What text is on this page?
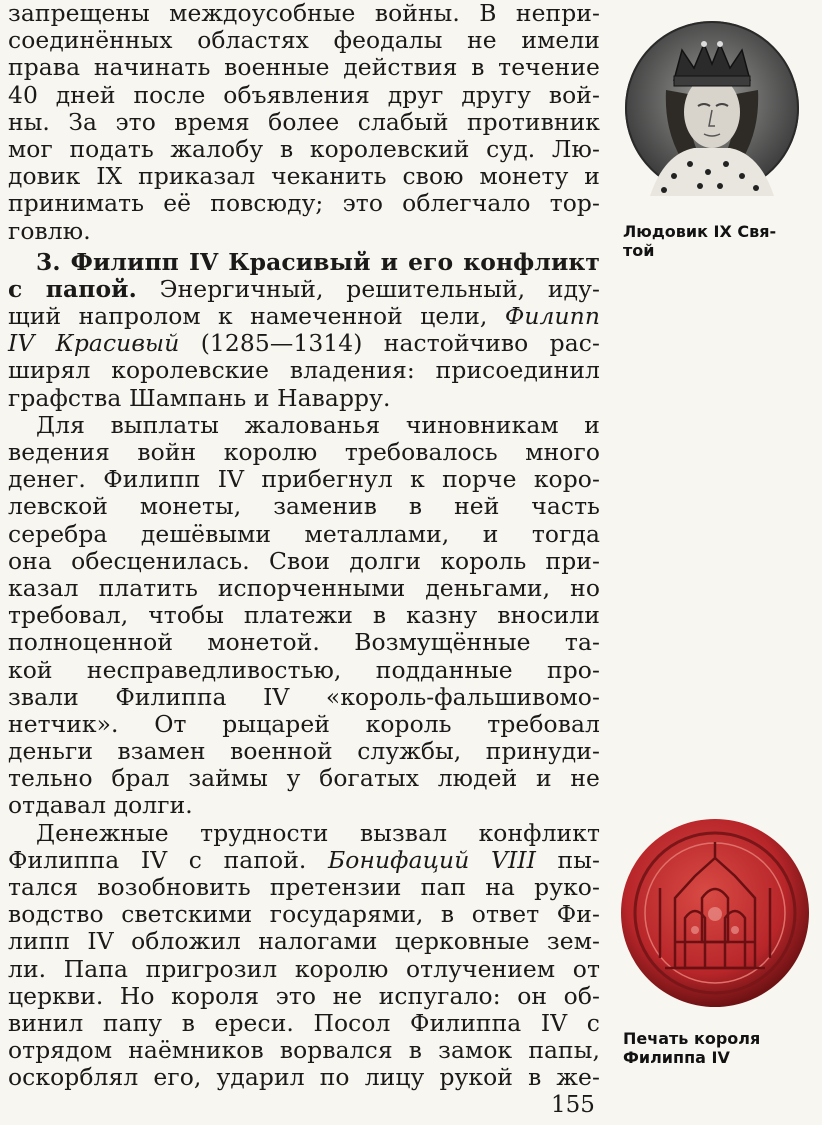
запрещены междоусобные войны. В непри-
соединённых областях феодалы не имели
права начинать военные действия в течение
40 дней после объявления друг другу вой-
ны. За это время более слабый противник
мог подать жалобу в королевский суд. Лю-
довик IX приказал чеканить свою монету и
принимать её повсюду; это облегчало тор-
говлю.
3. Филипп IV Красивый и его конфликт
с папой. Энергичный, решительный, иду-
щий напролом к намеченной цели, Филипп
IV Красивый (1285—1314) настойчиво рас-
ширял королевские владения: присоединил
графства Шампань и Наварру.
Для выплаты жалованья чиновникам и
ведения войн королю требовалось много
денег. Филипп IV прибегнул к порче коро-
левской монеты, заменив в ней часть
серебра дешёвыми металлами, и тогда
она обесценилась. Свои долги король при-
казал платить испорченными деньгами, но
требовал, чтобы платежи в казну вносили
полноценной монетой. Возмущённые та-
кой несправедливостью, подданные про-
звали Филиппа IV «король-фальшивомо-
нетчик». От рыцарей король требовал
деньги взамен военной службы, принуди-
тельно брал займы у богатых людей и не
отдавал долги.
Денежные трудности вызвал конфликт
Филиппа IV с папой. Бонифаций VIII пы-
тался возобновить претензии пап на руко-
водство светскими государями, в ответ Фи-
липп IV обложил налогами церковные зем-
ли. Папа пригрозил королю отлучением от
церкви. Но короля это не испугало: он об-
винил папу в ереси. Посол Филиппа IV с
отрядом наёмников ворвался в замок папы,
оскорблял его, ударил по лицу рукой в же-
155
Людовик IX Свя-
той
Печать короля
Филиппа IV
